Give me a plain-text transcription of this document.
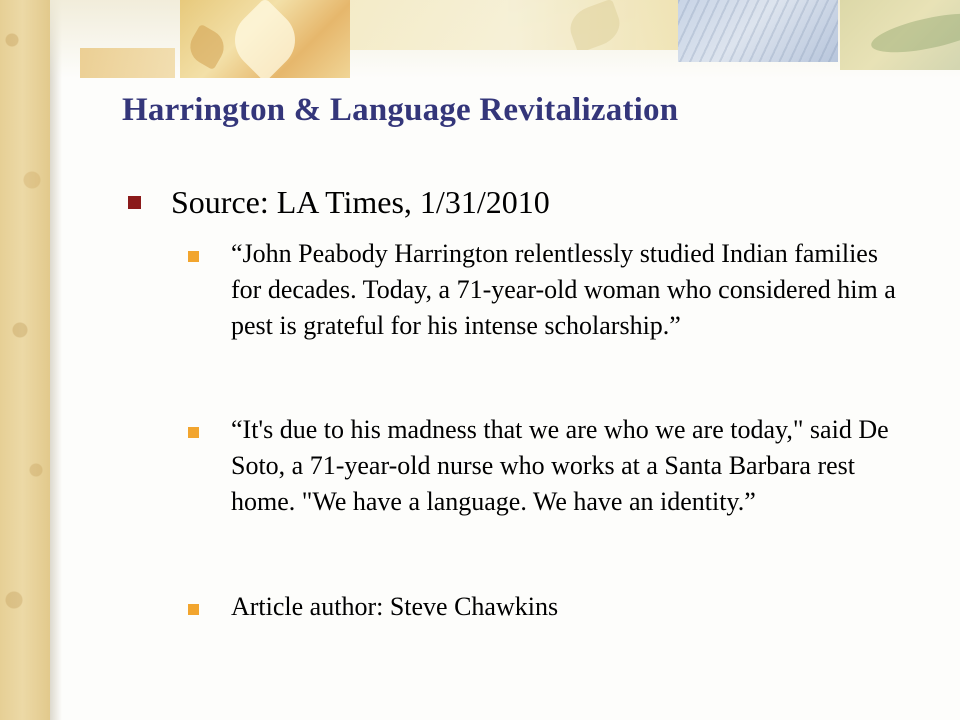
Harrington & Language Revitalization
Source: LA Times, 1/31/2010
“John Peabody Harrington relentlessly studied Indian families for decades. Today, a 71-year-old woman who considered him a pest is grateful for his intense scholarship.”
“It's due to his madness that we are who we are today," said De Soto, a 71-year-old nurse who works at a Santa Barbara rest home. "We have a language. We have an identity.”
Article author: Steve Chawkins
